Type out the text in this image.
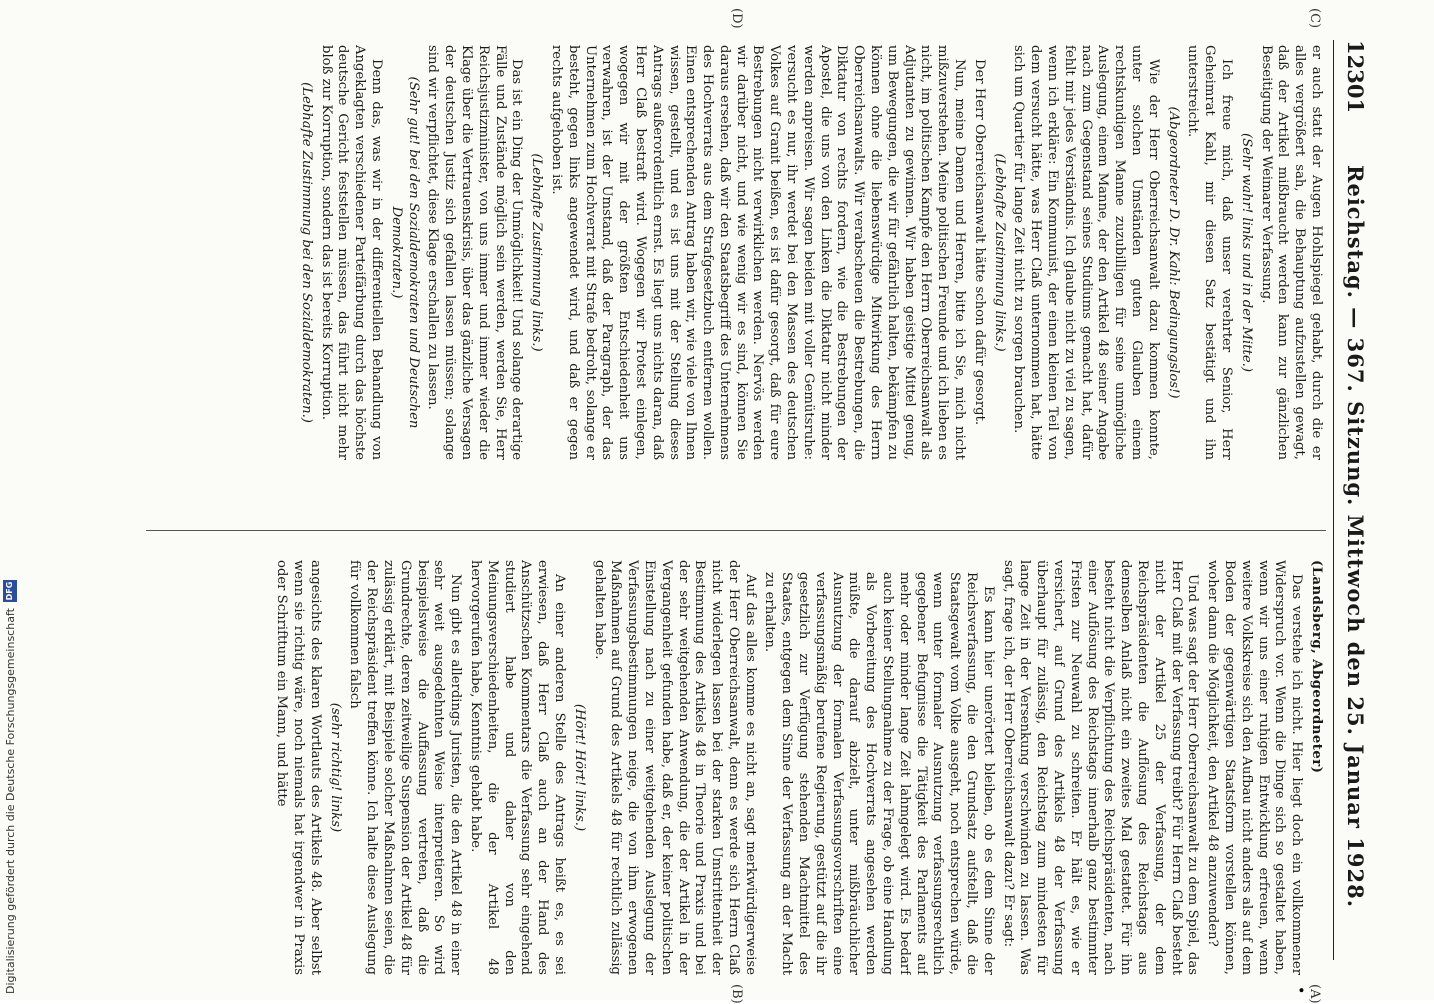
12301
Reichstag. — 367. Sitzung. Mittwoch den 25. Januar 1928.

(Landsberg, Abgeordneter)

Das verstehe ich nicht. Hier liegt doch ein vollkommener Widerspruch vor. Wenn die Dinge sich so gestaltet haben, wenn wir uns einer ruhigen Entwicklung erfreuen, wenn weitere Volkskreise sich den Aufbau nicht anders als auf dem Boden der gegenwärtigen Staatsform vorstellen können, woher dann die Möglichkeit, den Artikel 48 anzuwenden?

Und was sagt der Herr Oberreichsanwalt zu dem Spiel, das Herr Claß mit der Verfassung treibt? Für Herrn Claß besteht nicht der Artikel 25 der Verfassung, der dem Reichspräsidenten die Auflösung des Reichstags aus demselben Anlaß nicht ein zweites Mal gestattet. Für ihn besteht nicht die Verpflichtung des Reichspräsidenten, nach einer Auflösung des Reichstags innerhalb ganz bestimmter Fristen zur Neuwahl zu schreiten. Er hält es, wie er versichert, auf Grund des Artikels 48 der Verfassung überhaupt für zulässig, den Reichstag zum mindesten für lange Zeit in der Versenkung verschwinden zu lassen. Was sagt, frage ich, der Herr Oberreichsanwalt dazu? Er sagt:

Es kann hier unerörtert bleiben, ob es dem Sinne der Reichsverfassung, die den Grundsatz aufstellt, daß die Staatsgewalt vom Volke ausgeht, noch entsprechen würde, wenn unter formaler Ausnutzung verfassungsrechtlich gegebener Befugnisse die Tätigkeit des Parlaments auf mehr oder minder lange Zeit lahmgelegt wird. Es bedarf auch keiner Stellungnahme zu der Frage, ob eine Handlung als Vorbereitung des Hochverrats angesehen werden müßte, die darauf abzielt, unter mißbräuchlicher Ausnutzung der formalen Verfassungsvorschriften eine verfassungsmäßig berufene Regierung, gestützt auf die ihr gesetzlich zur Verfügung stehenden Machtmittel des Staates, entgegen dem Sinne der Verfassung an der Macht zu erhalten.

Auf das alles komme es nicht an, sagt merkwürdigerweise der Herr Oberreichsanwalt, denn es werde sich Herrn Claß nicht widerlegen lassen bei der starken Umstrittenheit der Bestimmung des Artikels 48 in Theorie und Praxis und bei der sehr weitgehenden Anwendung, die der Artikel in der Vergangenheit gefunden habe, daß er, der keiner politischen Einstellung nach zu einer weitgehenden Auslegung der Verfassungsbestimmungen neige, die von ihm erwogenen Maßnahmen auf Grund des Artikels 48 für rechtlich zulässig gehalten habe.

(Hört! Hört! links.)

An einer anderen Stelle des Antrags heißt es, es sei erwiesen, daß Herr Claß auch an der Hand des Anschützschen Kommentars die Verfassung sehr eingehend studiert habe und daher von den Meinungsverschiedenheiten, die der Artikel 48 hervorgerufen habe, Kenntnis gehabt habe.

Nun gibt es allerdings Juristen, die den Artikel 48 in einer sehr weit ausgedehnten Weise interpretieren. So wird beispielsweise die Auffassung vertreten, daß die Grundrechte, deren zeitweilige Suspension der Artikel 48 für zulässig erklärt, mit Beispiele solcher Maßnahmen seien, die der Reichspräsident treffen könne. Ich halte diese Auslegung für vollkommen falsch

(sehr richtig! links)

angesichts des klaren Wortlauts des Artikels 48. Aber selbst wenn sie richtig wäre, noch niemals hat irgendwer in Praxis oder Schrifttum ein Mann, und hätte

er auch statt der Augen Hohlspiegel gehabt, durch die er alles vergrößert sah, die Behauptung aufzustellen gewagt, daß der Artikel mißbraucht werden kann zur gänzlichen Beseitigung der Weimarer Verfassung.

(Sehr wahr! links und in der Mitte.)

Ich freue mich, daß unser verehrter Senior, Herr Geheimrat Kahl, mir diesen Satz bestätigt und ihn unterstreicht.

(Abgeordneter D. Dr. Kahl: Bedingungslos!)

Wie der Herr Oberreichsanwalt dazu kommen konnte, unter solchen Umständen guten Glauben einem rechtskundigen Manne zuzubilligen für seine unmögliche Auslegung, einem Manne, der den Artikel 48 seiner Angabe nach zum Gegenstand seines Studiums gemacht hat, dafür fehlt mir jedes Verständnis. Ich glaube nicht zu viel zu sagen, wenn ich erkläre: Ein Kommunist, der einen kleinen Teil von dem versucht hätte, was Herr Claß unternommen hat, hätte sich um Quartier für lange Zeit nicht zu sorgen brauchen.

(Lebhafte Zustimmung links.)

Der Herr Oberreichsanwalt hätte schon dafür gesorgt.

Nun, meine Damen und Herren, bitte ich Sie, mich nicht mißzuverstehen. Meine politischen Freunde und ich lieben es nicht, im politischen Kampfe den Herrn Oberreichsanwalt als Adjutanten zu gewinnen. Wir haben geistige Mittel genug, um Bewegungen, die wir für gefährlich halten, bekämpfen zu können ohne die liebenswürdige Mitwirkung des Herrn Oberreichsanwalts. Wir verabscheuen die Bestrebungen, die Diktatur von rechts fordern, wie die Bestrebungen der Apostel, die uns von den Linken die Diktatur nicht minder werden anpreisen. Wir sagen beiden mit voller Gemütsruhe: versucht es nur, ihr werdet bei den Massen des deutschen Volkes auf Granit beißen, es ist dafür gesorgt, daß für eure Bestrebungen nicht verwirklichen werden. Nervös werden wir darüber nicht, und wie wenig wir es sind, können Sie daraus ersehen, daß wir den Staatsbegriff des Unternehmens des Hochverrats aus dem Strafgesetzbuch entfernen wollen. Einen entsprechenden Antrag haben wir, wie viele von Ihnen wissen, gestellt, und es ist uns mit der Stellung dieses Antrags außerordentlich ernst. Es liegt uns nichts daran, daß Herr Claß bestraft wird. Wogegen wir Protest einlegen, wogegen wir mit der größten Entschiedenheit uns verwahren, ist der Umstand, daß der Paragraph, der das Unternehmen zum Hochverrat mit Strafe bedroht, solange er besteht, gegen links angewendet wird, und daß er gegen rechts aufgehoben ist.

(Lebhafte Zustimmung links.)

Das ist ein Ding der Unmöglichkeit! Und solange derartige Fälle und Zustände möglich sein werden, werden Sie, Herr Reichsjustizminister, von uns immer und immer wieder die Klage über die Vertrauenskrisis, über das gänzliche Versagen der deutschen Justiz sich gefallen lassen müssen; solange sind wir verpflichtet, diese Klage erschallen zu lassen.

(Sehr gut! bei den Sozialdemokraten und Deutschen Demokraten.)

Denn das, was wir in der differentiellen Behandlung von Angeklagten verschiedener Parteifärbung durch das höchste deutsche Gericht feststellen müssen, das führt nicht mehr bloß zur Korruption, sondern das ist bereits Korruption.

(Lebhafte Zustimmung bei den Sozialdemokraten.)

(A)
(B)
(C)
(D)
•
Digitalisierung gefördert durch die Deutsche Forschungsgemeinschaft
DFG
